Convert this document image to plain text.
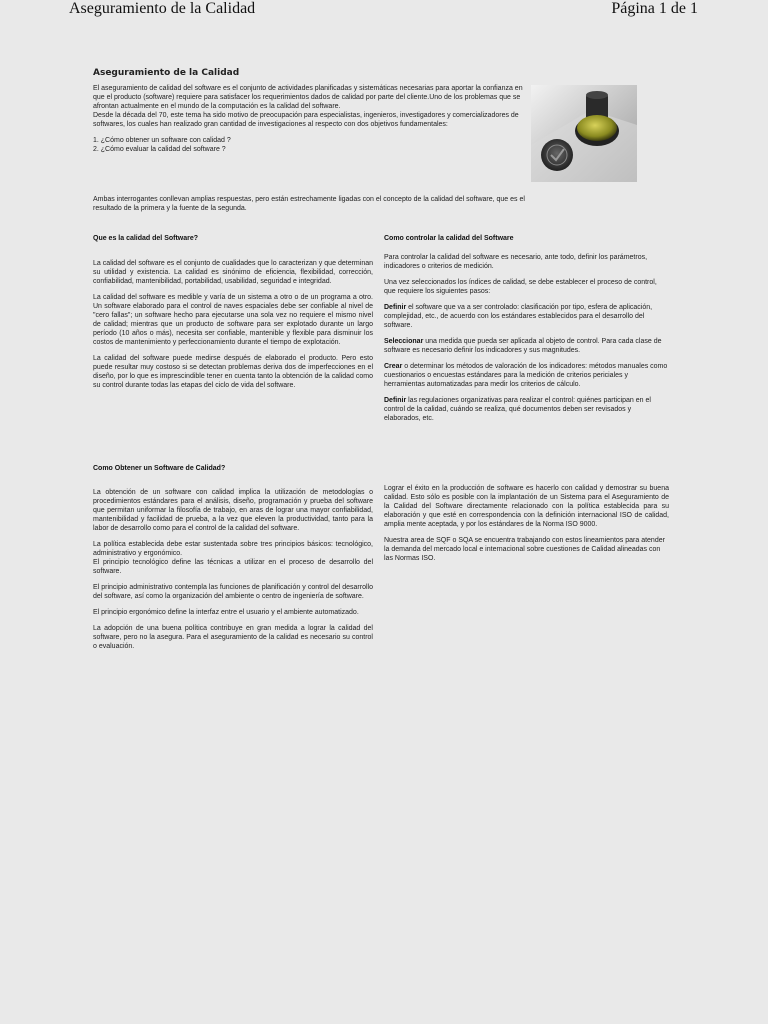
Aseguramiento de la Calidad	Página 1 de 1
Aseguramiento de la Calidad

El aseguramiento de calidad del software es el conjunto de actividades planificadas y sistemáticas necesarias para aportar la confianza en que el producto (software) requiere para satisfacer los requerimientos dados de calidad por parte del cliente.Uno de los problemas que se afrontan actualmente en el mundo de la computación es la calidad del software.

Desde la década del 70, este tema ha sido motivo de preocupación para especialistas, ingenieros, investigadores y comercializadores de softwares, los cuales han realizado gran cantidad de investigaciones al respecto con dos objetivos fundamentales:

1. ¿Cómo obtener un software con calidad ?

2. ¿Cómo evaluar la calidad del software ?

Ambas interrogantes conllevan amplias respuestas, pero están estrechamente ligadas con el concepto de la calidad del software, que es el resultado de la primera y la fuente de la segunda.

Que es la calidad del Software?

La calidad del software es el conjunto de cualidades que lo caracterizan y que determinan su utilidad y existencia. La calidad es sinónimo de eficiencia, flexibilidad, corrección, confiabilidad, mantenibilidad, portabilidad, usabilidad, seguridad e integridad.

La calidad del software es medible y varía de un sistema a otro o de un programa a otro. Un software elaborado para el control de naves espaciales debe ser confiable al nivel de "cero fallas"; un software hecho para ejecutarse una sola vez no requiere el mismo nivel de calidad; mientras que un producto de software para ser explotado durante un largo período (10 años o más), necesita ser confiable, mantenible y flexible para disminuir los costos de mantenimiento y perfeccionamiento durante el tiempo de explotación.

La calidad del software puede medirse después de elaborado el producto. Pero esto puede resultar muy costoso si se detectan problemas deriva dos de imperfecciones en el diseño, por lo que es imprescindible tener en cuenta tanto la obtención de la calidad como su control durante todas las etapas del ciclo de vida del software.

Como Obtener un Software de Calidad?

La obtención de un software con calidad implica la utilización de metodologías o procedimientos estándares para el análisis, diseño, programación y prueba del software que permitan uniformar la filosofía de trabajo, en aras de lograr una mayor confiabilidad, mantenibilidad y facilidad de prueba, a la vez que eleven la productividad, tanto para la labor de desarrollo como para el control de la calidad del software.

La política establecida debe estar sustentada sobre tres principios básicos: tecnológico, administrativo y ergonómico.

El principio tecnológico define las técnicas a utilizar en el proceso de desarrollo del software.

El principio administrativo contempla las funciones de planificación y control del desarrollo del software, así como la organización del ambiente o centro de ingeniería de software.

El principio ergonómico define la interfaz entre el usuario y el ambiente automatizado.

La adopción de una buena política contribuye en gran medida a lograr la calidad del software, pero no la asegura. Para el aseguramiento de la calidad es necesario su control o evaluación.

Como controlar la calidad del Software

Para controlar la calidad del software es necesario, ante todo, definir los parámetros, indicadores o criterios de medición.

Una vez seleccionados los índices de calidad, se debe establecer el proceso de control, que requiere los siguientes pasos:

Definir el software que va a ser controlado: clasificación por tipo, esfera de aplicación, complejidad, etc., de acuerdo con los estándares establecidos para el desarrollo del software.

Seleccionar una medida que pueda ser aplicada al objeto de control. Para cada clase de software es necesario definir los indicadores y sus magnitudes.

Crear o determinar los métodos de valoración de los indicadores: métodos manuales como cuestionarios o encuestas estándares para la medición de criterios periciales y herramientas automatizadas para medir los criterios de cálculo.

Definir las regulaciones organizativas para realizar el control: quiénes participan en el control de la calidad, cuándo se realiza, qué documentos deben ser revisados y elaborados, etc.

Lograr el éxito en la producción de software es hacerlo con calidad y demostrar su buena calidad. Esto sólo es posible con la implantación de un Sistema para el Aseguramiento de la Calidad del Software directamente relacionado con la política establecida para su elaboración y que esté en correspondencia con la definición internacional ISO de calidad, amplia mente aceptada, y por los estándares de la Norma ISO 9000.

Nuestra area de SQF o SQA se encuentra trabajando con estos lineamientos para atender la demanda del mercado local e internacional sobre cuestiones de Calidad alineadas con las Normas ISO.
